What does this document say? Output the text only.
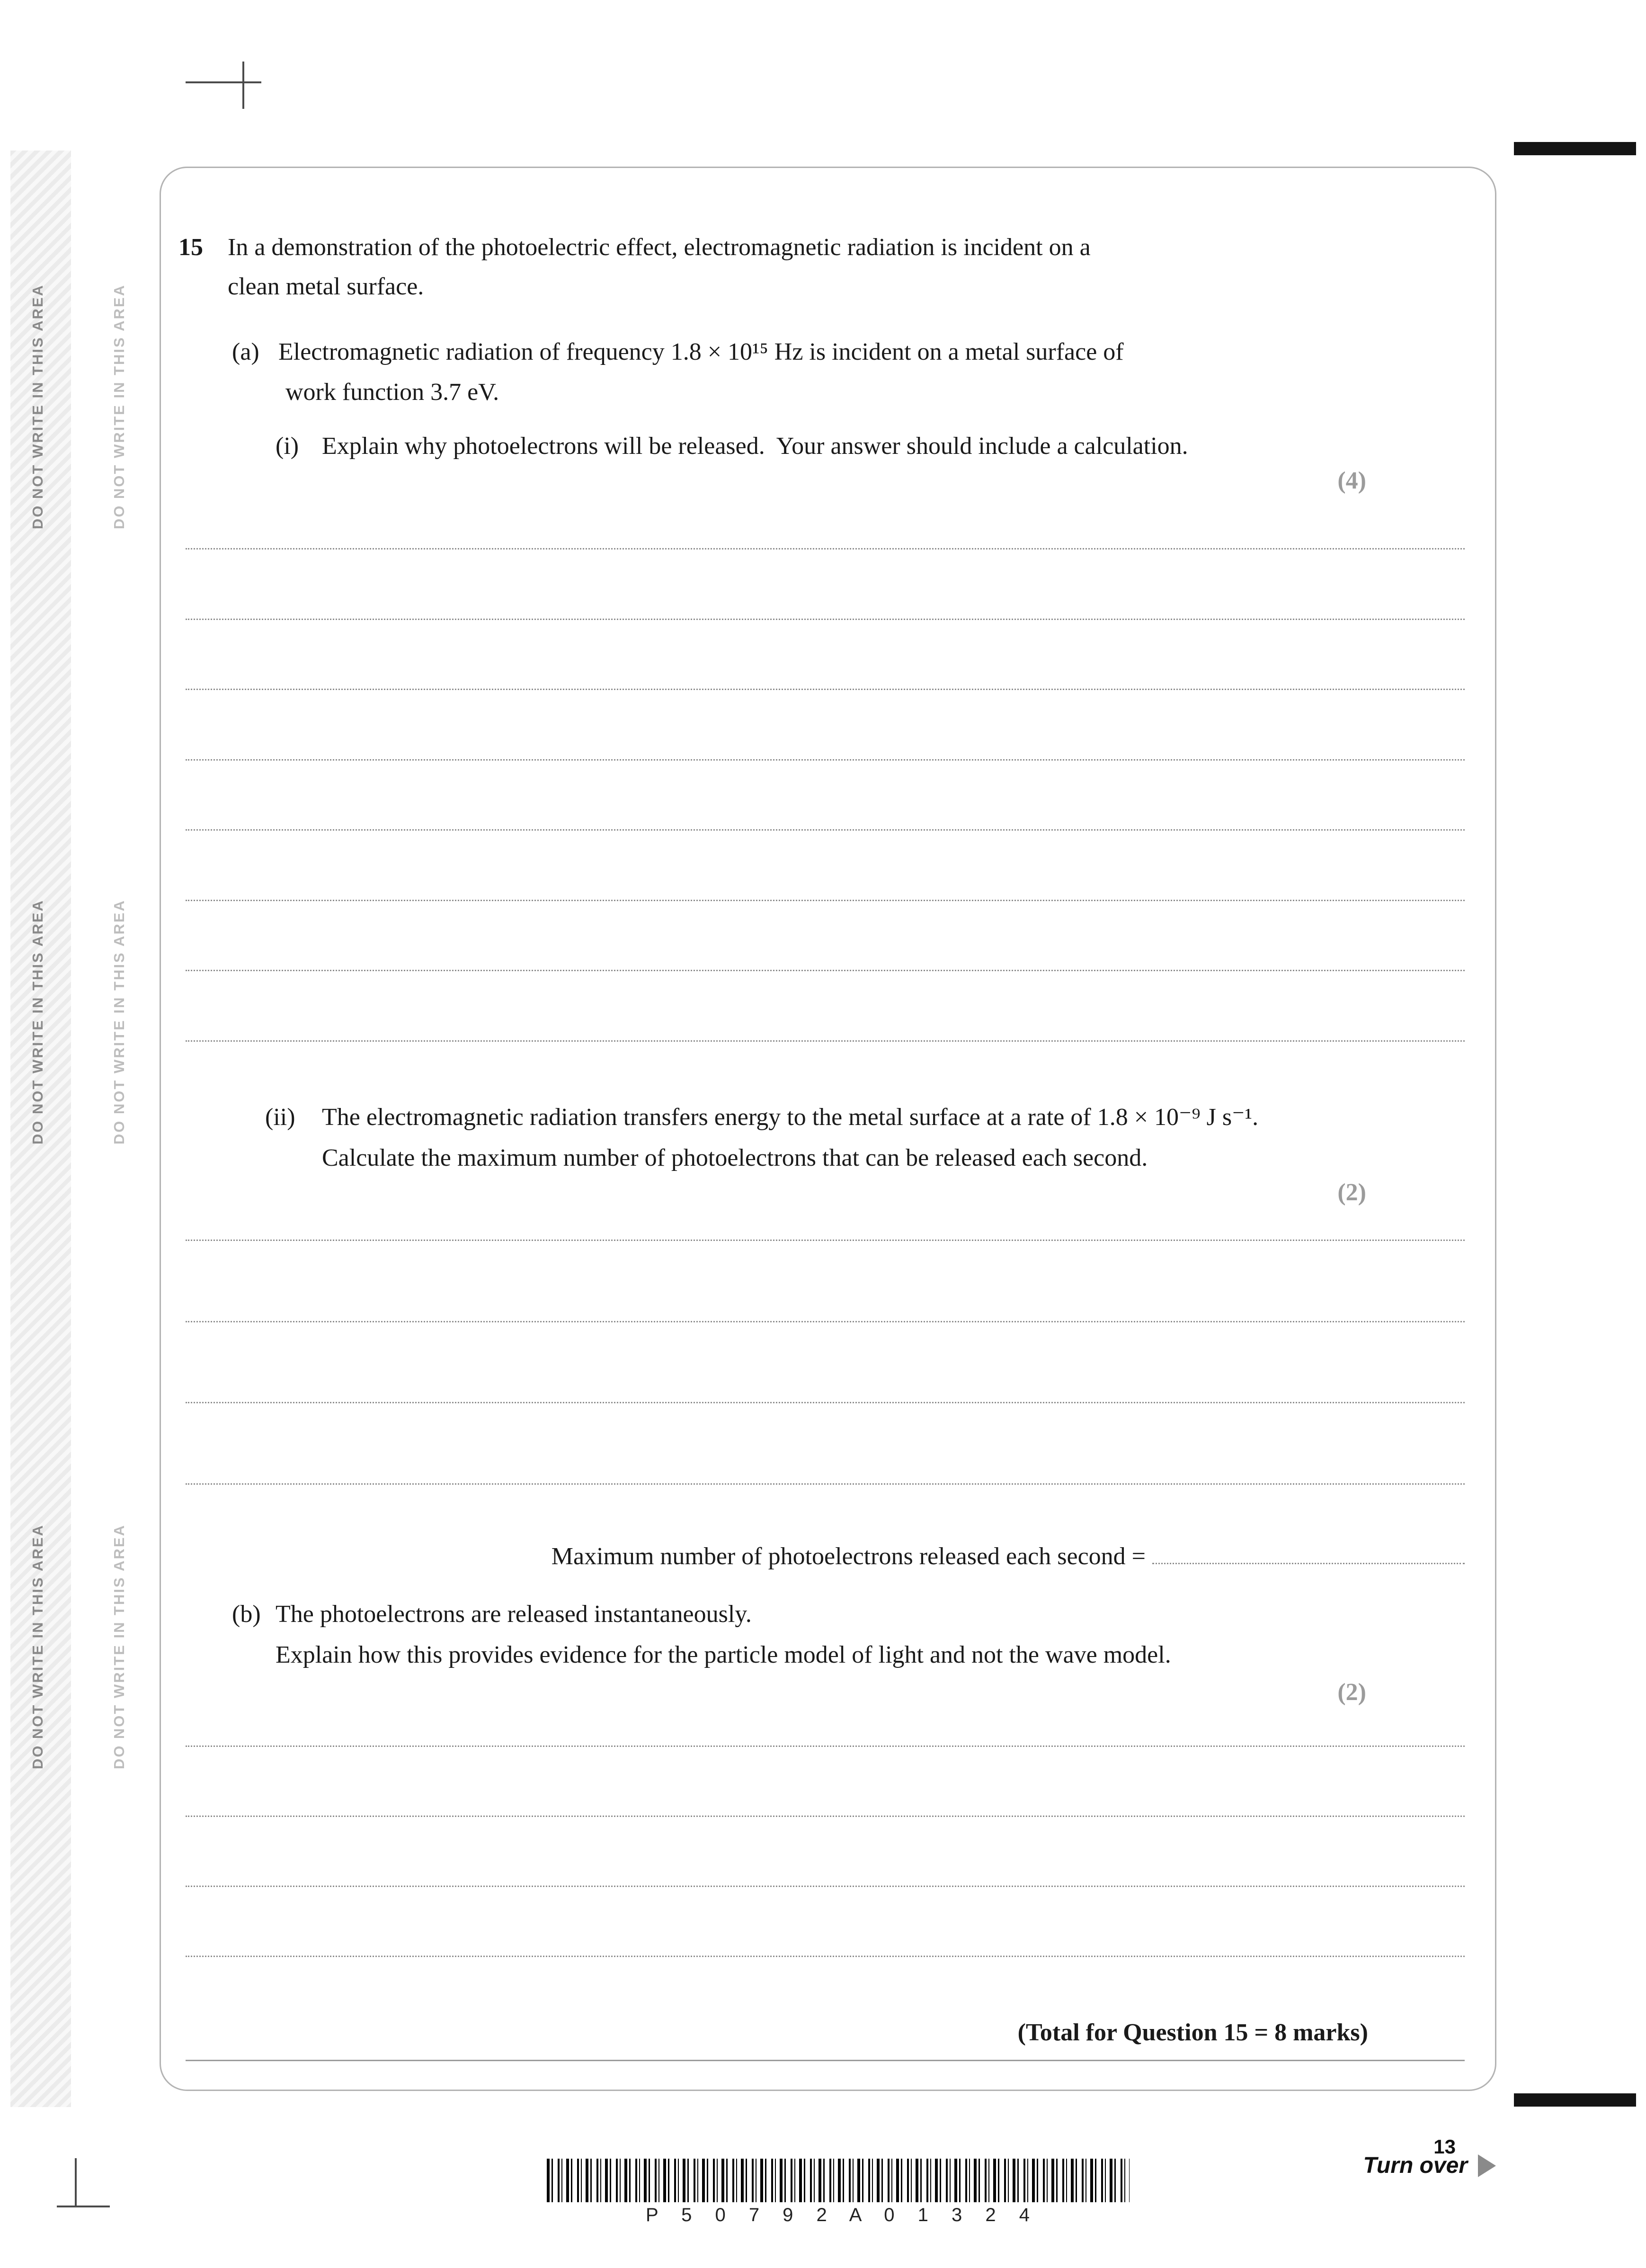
DO NOT WRITE IN THIS AREA
DO NOT WRITE IN THIS AREA
DO NOT WRITE IN THIS AREA
DO NOT WRITE IN THIS AREA
DO NOT WRITE IN THIS AREA
DO NOT WRITE IN THIS AREA
15 In a demonstration of the photoelectric effect, electromagnetic radiation is incident on a
clean metal surface.
(a) Electromagnetic radiation of frequency 1.8 × 10¹⁵ Hz is incident on a metal surface of
work function 3.7 eV.
(i) Explain why photoelectrons will be released.  Your answer should include a calculation.
(4)
(ii) The electromagnetic radiation transfers energy to the metal surface at a rate of 1.8 × 10⁻⁹ J s⁻¹.
Calculate the maximum number of photoelectrons that can be released each second.
(2)
Maximum number of photoelectrons released each second =
(b) The photoelectrons are released instantaneously.
Explain how this provides evidence for the particle model of light and not the wave model.
(2)
(Total for Question 15 = 8 marks)
13
P 5 0 7 9 2 A 0 1 3 2 4
Turn over
